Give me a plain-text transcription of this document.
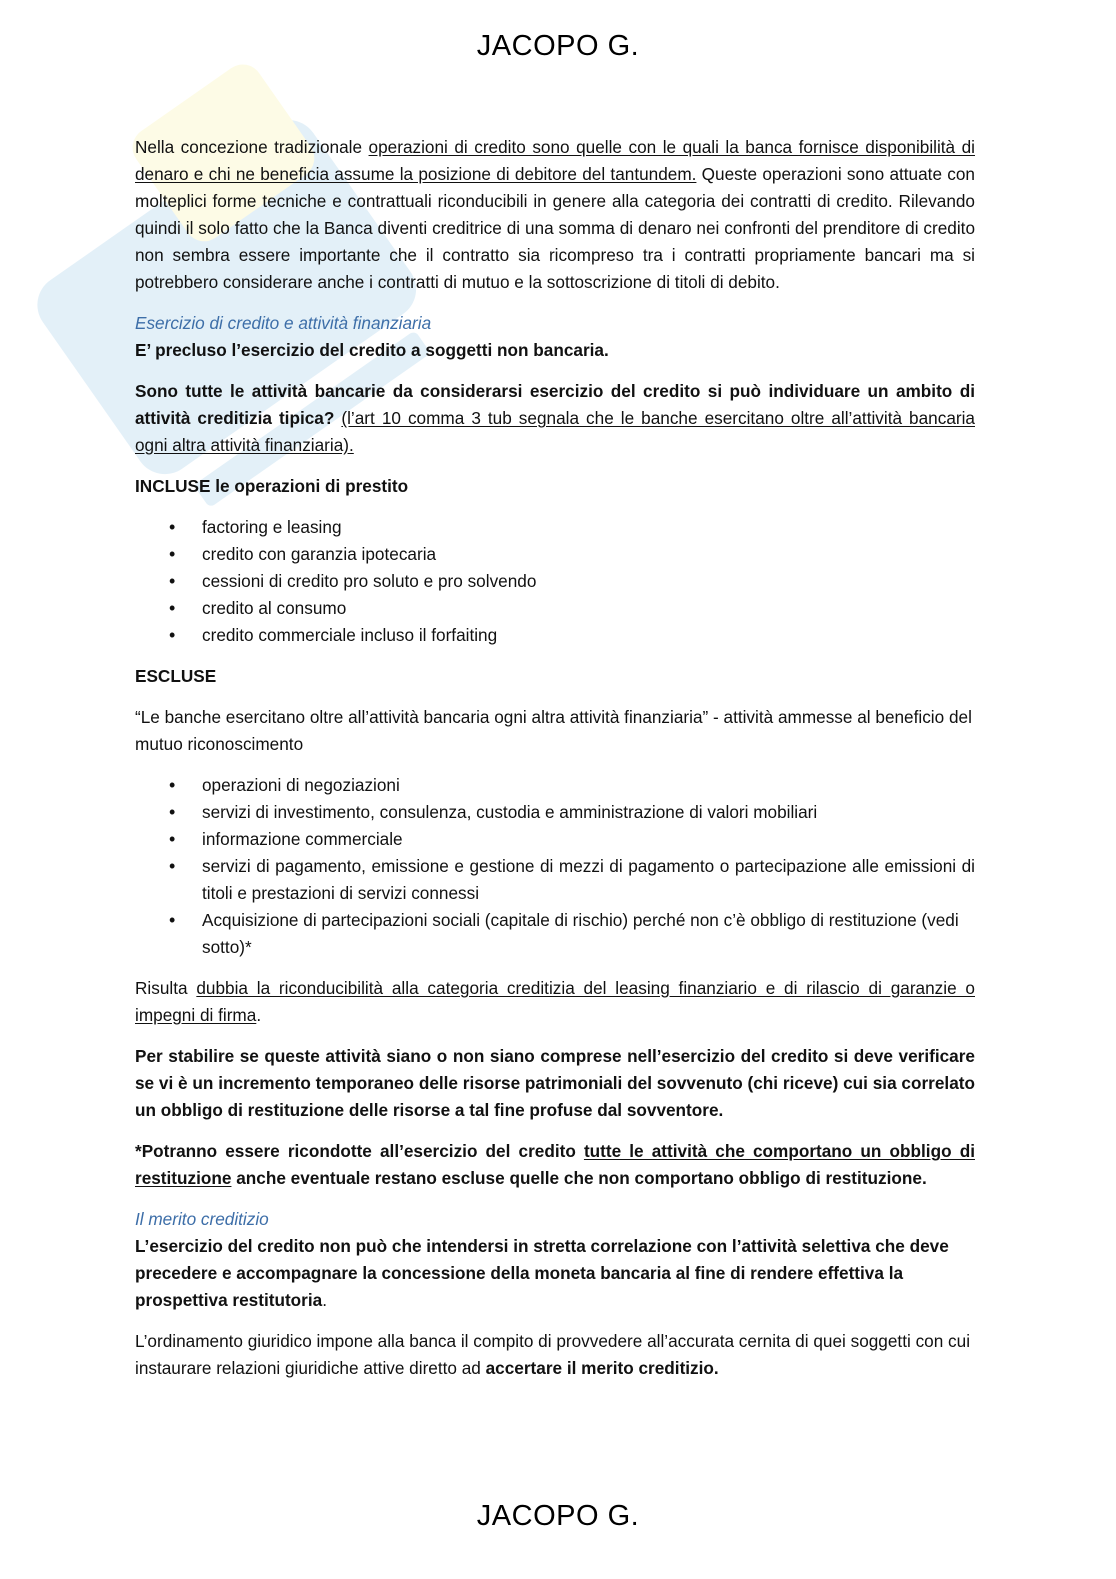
JACOPO G.

Nella concezione tradizionale operazioni di credito sono quelle con le quali la banca fornisce disponibilità di denaro e chi ne beneficia assume la posizione di debitore del tantundem. Queste operazioni sono attuate con molteplici forme tecniche e contrattuali riconducibili in genere alla categoria dei contratti di credito. Rilevando quindi il solo fatto che la Banca diventi creditrice di una somma di denaro nei confronti del prenditore di credito non sembra essere importante che il contratto sia ricompreso tra i contratti propriamente bancari ma si potrebbero considerare anche i contratti di mutuo e la sottoscrizione di titoli di debito.

Esercizio di credito e attività finanziaria

E’ precluso l’esercizio del credito a soggetti non bancaria.

Sono tutte le attività bancarie da considerarsi esercizio del credito si può individuare un ambito di attività creditizia tipica? (l’art 10 comma 3 tub segnala che le banche esercitano oltre all’attività bancaria ogni altra attività finanziaria).

INCLUSE le operazioni di prestito

• factoring e leasing
• credito con garanzia ipotecaria
• cessioni di credito pro soluto e pro solvendo
• credito al consumo
• credito commerciale incluso il forfaiting

ESCLUSE

“Le banche esercitano oltre all’attività bancaria ogni altra attività finanziaria” - attività ammesse al beneficio del mutuo riconoscimento

• operazioni di negoziazioni
• servizi di investimento, consulenza, custodia e amministrazione di valori mobiliari
• informazione commerciale
• servizi di pagamento, emissione e gestione di mezzi di pagamento o partecipazione alle emissioni di titoli e prestazioni di servizi connessi
• Acquisizione di partecipazioni sociali (capitale di rischio) perché non c’è obbligo di restituzione (vedi sotto)*

Risulta dubbia la riconducibilità alla categoria creditizia del leasing finanziario e di rilascio di garanzie o impegni di firma.

Per stabilire se queste attività siano o non siano comprese nell’esercizio del credito si deve verificare se vi è un incremento temporaneo delle risorse patrimoniali del sovvenuto (chi riceve) cui sia correlato un obbligo di restituzione delle risorse a tal fine profuse dal sovventore.

*Potranno essere ricondotte all’esercizio del credito tutte le attività che comportano un obbligo di restituzione anche eventuale restano escluse quelle che non comportano obbligo di restituzione.

Il merito creditizio

L’esercizio del credito non può che intendersi in stretta correlazione con l’attività selettiva che deve precedere e accompagnare la concessione della moneta bancaria al fine di rendere effettiva la prospettiva restitutoria.

L’ordinamento giuridico impone alla banca il compito di provvedere all’accurata cernita di quei soggetti con cui instaurare relazioni giuridiche attive diretto ad accertare il merito creditizio.

JACOPO G.
